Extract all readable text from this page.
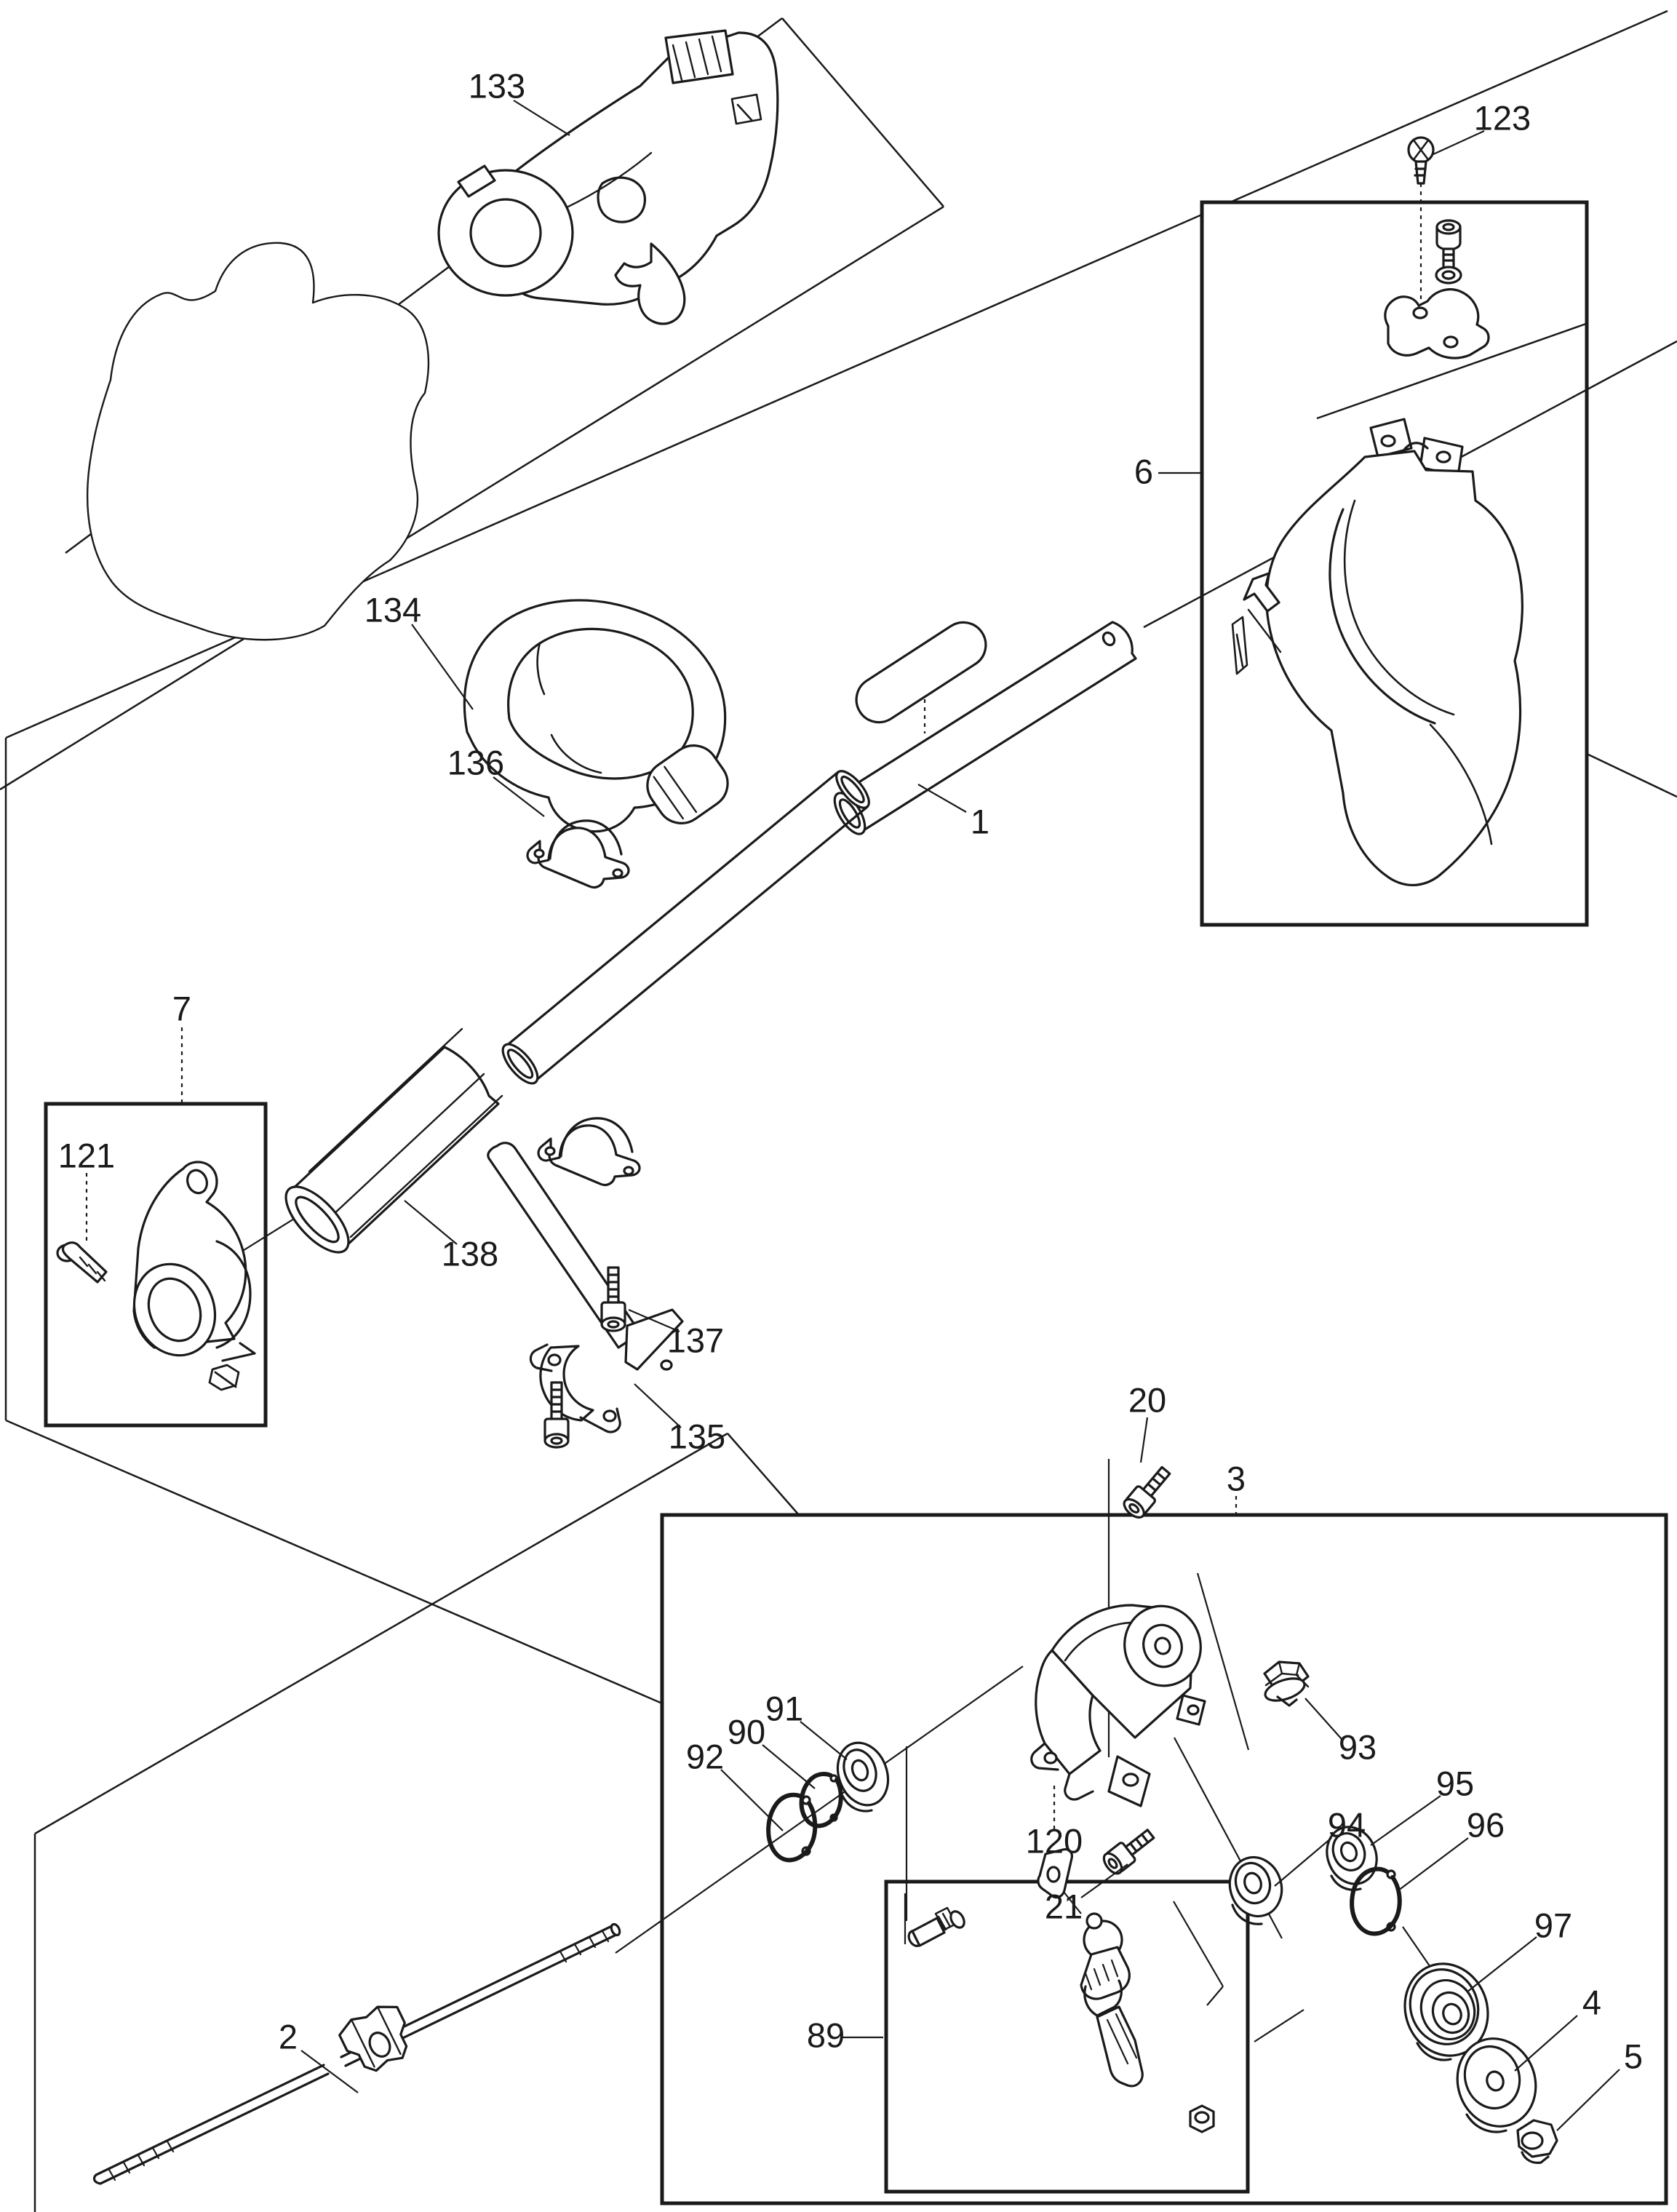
133
123
134
136
1
6
7
121
138
135
137
20
3
93
94
91
90
92
120
21
95
96
97
4
5
2	89
